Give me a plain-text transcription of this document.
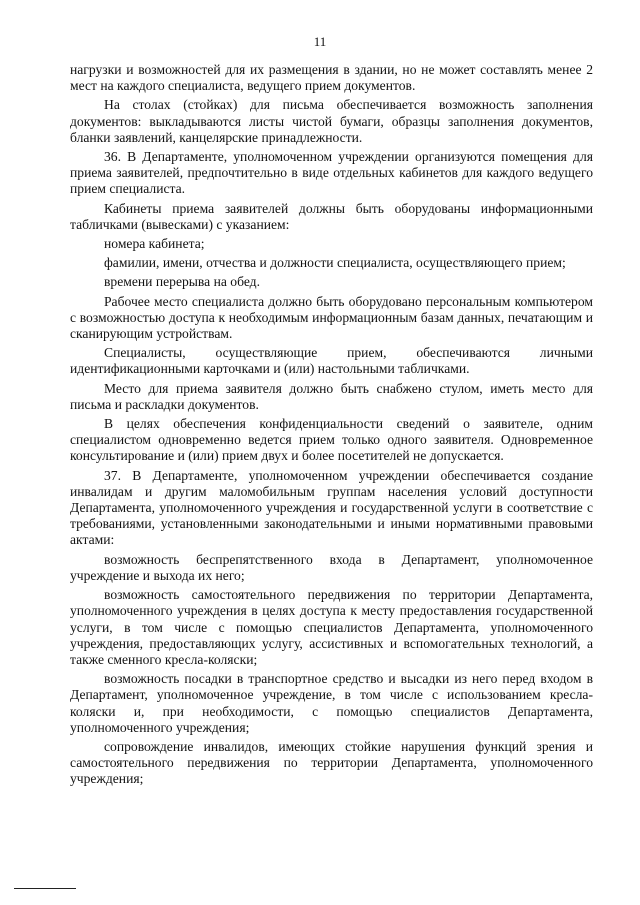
11

нагрузки и возможностей для их размещения в здании, но не может составлять менее 2 мест на каждого специалиста, ведущего прием документов.

На столах (стойках) для письма обеспечивается возможность заполнения документов: выкладываются листы чистой бумаги, образцы заполнения документов, бланки заявлений, канцелярские принадлежности.

36. В Департаменте, уполномоченном учреждении организуются помещения для приема заявителей, предпочтительно в виде отдельных кабинетов для каждого ведущего прием специалиста.

Кабинеты приема заявителей должны быть оборудованы информационными табличками (вывесками) с указанием:

номера кабинета;

фамилии, имени, отчества и должности специалиста, осуществляющего прием;

времени перерыва на обед.

Рабочее место специалиста должно быть оборудовано персональным компьютером с возможностью доступа к необходимым информационным базам данных, печатающим и сканирующим устройствам.

Специалисты, осуществляющие прием, обеспечиваются личными идентификационными карточками и (или) настольными табличками.

Место для приема заявителя должно быть снабжено стулом, иметь место для письма и раскладки документов.

В целях обеспечения конфиденциальности сведений о заявителе, одним специалистом одновременно ведется прием только одного заявителя. Одновременное консультирование и (или) прием двух и более посетителей не допускается.

37. В Департаменте, уполномоченном учреждении обеспечивается создание инвалидам и другим маломобильным группам населения условий доступности Департамента, уполномоченного учреждения и государственной услуги в соответствие с требованиями, установленными законодательными и иными нормативными правовыми актами:

возможность беспрепятственного входа в Департамент, уполномоченное учреждение и выхода их него;

возможность самостоятельного передвижения по территории Департамента, уполномоченного учреждения в целях доступа к месту предоставления государственной услуги, в том числе с помощью специалистов Департамента, уполномоченного учреждения, предоставляющих услугу, ассистивных и вспомогательных технологий, а также сменного кресла-коляски;

возможность посадки в транспортное средство и высадки из него перед входом в Департамент, уполномоченное учреждение, в том числе с использованием кресла-коляски и, при необходимости, с помощью специалистов Департамента, уполномоченного учреждения;

сопровождение инвалидов, имеющих стойкие нарушения функций зрения и самостоятельного передвижения по территории Департамента, уполномоченного учреждения;
